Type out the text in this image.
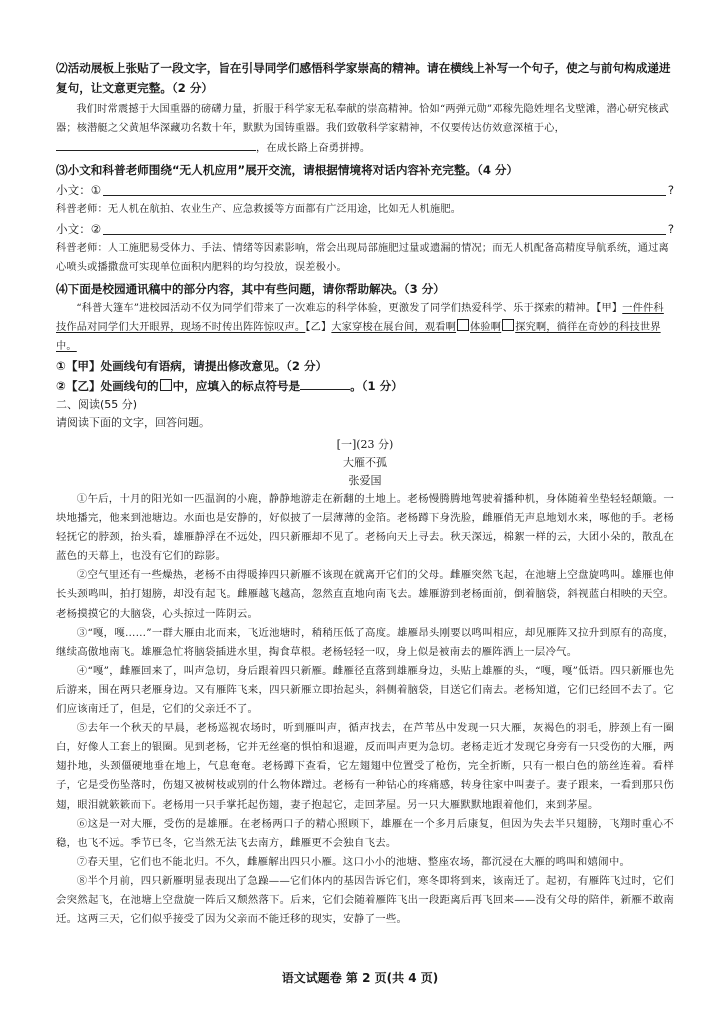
⑵活动展板上张贴了一段文字，旨在引导同学们感悟科学家崇高的精神。请在横线上补写一个句子，使之与前句构成递进复句，让文意更完整。（2 分）

我们时常震撼于大国重器的磅礴力量，折服于科学家无私奉献的崇高精神。恰如“两弹元勋”邓稼先隐姓埋名戈壁滩，潜心研究核武器；核潜艇之父黄旭华深藏功名数十年，默默为国铸重器。我们致敬科学家精神，不仅要传达仿效意深植于心，，在成长路上奋勇拼搏。

⑶小文和科普老师围绕“无人机应用”展开交流，请根据情境将对话内容补充完整。（4 分）

小文：①	?

科普老师：无人机在航拍、农业生产、应急救援等方面都有广泛用途，比如无人机施肥。

小文：②	?

科普老师：人工施肥易受体力、手法、情绪等因素影响，常会出现局部施肥过量或遗漏的情况；而无人机配备高精度导航系统，通过离心喷头或播撒盘可实现单位面积内肥料的均匀投放，误差极小。

⑷下面是校园通讯稿中的部分内容，其中有些问题，请你帮助解决。（3 分）

“科普大篷车”进校园活动不仅为同学们带来了一次难忘的科学体验，更激发了同学们热爱科学、乐于探索的精神。【甲】一件件科技作品对同学们大开眼界，现场不时传出阵阵惊叹声。【乙】大家穿梭在展台间，观看啊 体验啊 探究啊，徜徉在奇妙的科技世界中。

①【甲】处画线句有语病，请提出修改意见。（2 分）

②【乙】处画线句的 中，应填入的标点符号是	。（1 分）

二、阅读(55 分)

请阅读下面的文字，回答问题。

[一](23 分)

大雁不孤

张爱国

①午后，十月的阳光如一匹温润的小鹿，静静地游走在新翻的土地上。老杨慢腾腾地驾驶着播种机，身体随着坐垫轻轻颠簸。一块地播完，他来到池塘边。水面也是安静的，好似披了一层薄薄的金箔。老杨蹲下身洗脸，雌雁俏无声息地划水来，啄他的手。老杨轻抚它的脖颈，抬头看，雄雁静浮在不远处，四只新雁却不见了。老杨向天上寻去。秋天深远，棉絮一样的云，大团小朵的，散乱在蓝色的天幕上，也没有它们的踪影。

②空气里还有一些燥热，老杨不由得暖捧四只新雁不该现在就离开它们的父母。雌雁突然飞起，在池塘上空盘旋鸣叫。雄雁也伸长头颈鸣叫，拍打翅膀，却没有起飞。雌雁越飞越高，忽然直直地向南飞去。雄雁游到老杨面前，倒着脑袋，斜视蓝白相映的天空。老杨摸摸它的大脑袋，心头掠过一阵阴云。

③“嘎，嘎……”一群大雁由北而来，飞近池塘时，稍稍压低了高度。雄雁昂头刚要以鸣叫相应，却见雁阵又拉升到原有的高度，继续高傲地南飞。雄雁急忙将脑袋插进水里，掏食草根。老杨轻轻一叹，身上似是被南去的雁阵洒上一层冷气。

④“嘎”，雌雁回来了，叫声急切，身后跟着四只新雁。雌雁径直落到雄雁身边，头贴上雄雁的头，“嘎，嘎”低语。四只新雁也先后游来，围在两只老雁身边。又有雁阵飞来，四只新雁立即抬起头，斜侧着脑袋，目送它们南去。老杨知道，它们已经回不去了。它们应该南迁了，但是，它们的父亲迁不了。

⑤去年一个秋天的早晨，老杨巡视农场时，听到雁叫声，循声找去，在芦苇丛中发现一只大雁，灰褐色的羽毛，脖颈上有一圈白，好像人工套上的银圈。见到老杨，它并无丝毫的惧怕和退避，反而叫声更为急切。老杨走近才发现它身旁有一只受伤的大雁，两翅扑地，头颈僵硬地垂在地上，气息奄奄。老杨蹲下查看，它左翅翅中位置受了枪伤，完全折断，只有一根白色的筋丝连着。看样子，它是受伤坠落时，伤翅又被树枝或别的什么物体蹭过。老杨有一种钻心的疼痛感，转身往家中叫妻子。妻子跟来，一看到那只伤翅，眼泪就簌簌而下。老杨用一只手掌托起伤翅，妻子抱起它，走回茅屋。另一只大雁默默地跟着他们，来到茅屋。

⑥这是一对大雁，受伤的是雄雁。在老杨两口子的精心照顾下，雄雁在一个多月后康复，但因为失去半只翅膀，飞翔时重心不稳，也飞不远。季节已冬，它当然无法飞去南方，雌雁更不会独自飞去。

⑦春天里，它们也不能北归。不久，雌雁解出四只小雁。这口小小的池塘、整座农场，都沉浸在大雁的鸣叫和嬉闹中。

⑧半个月前，四只新雁明显表现出了急躁——它们体内的基因告诉它们，寒冬即将到来，该南迁了。起初，有雁阵飞过时，它们会突然起飞，在池塘上空盘旋一阵后又颓然落下。后来，它们会随着雁阵飞出一段距离后再飞回来——没有父母的陪伴，新雁不敢南迁。这两三天，它们似乎接受了因为父亲而不能迁移的现实，安静了一些。

语文试题卷 第 2 页(共 4 页)
